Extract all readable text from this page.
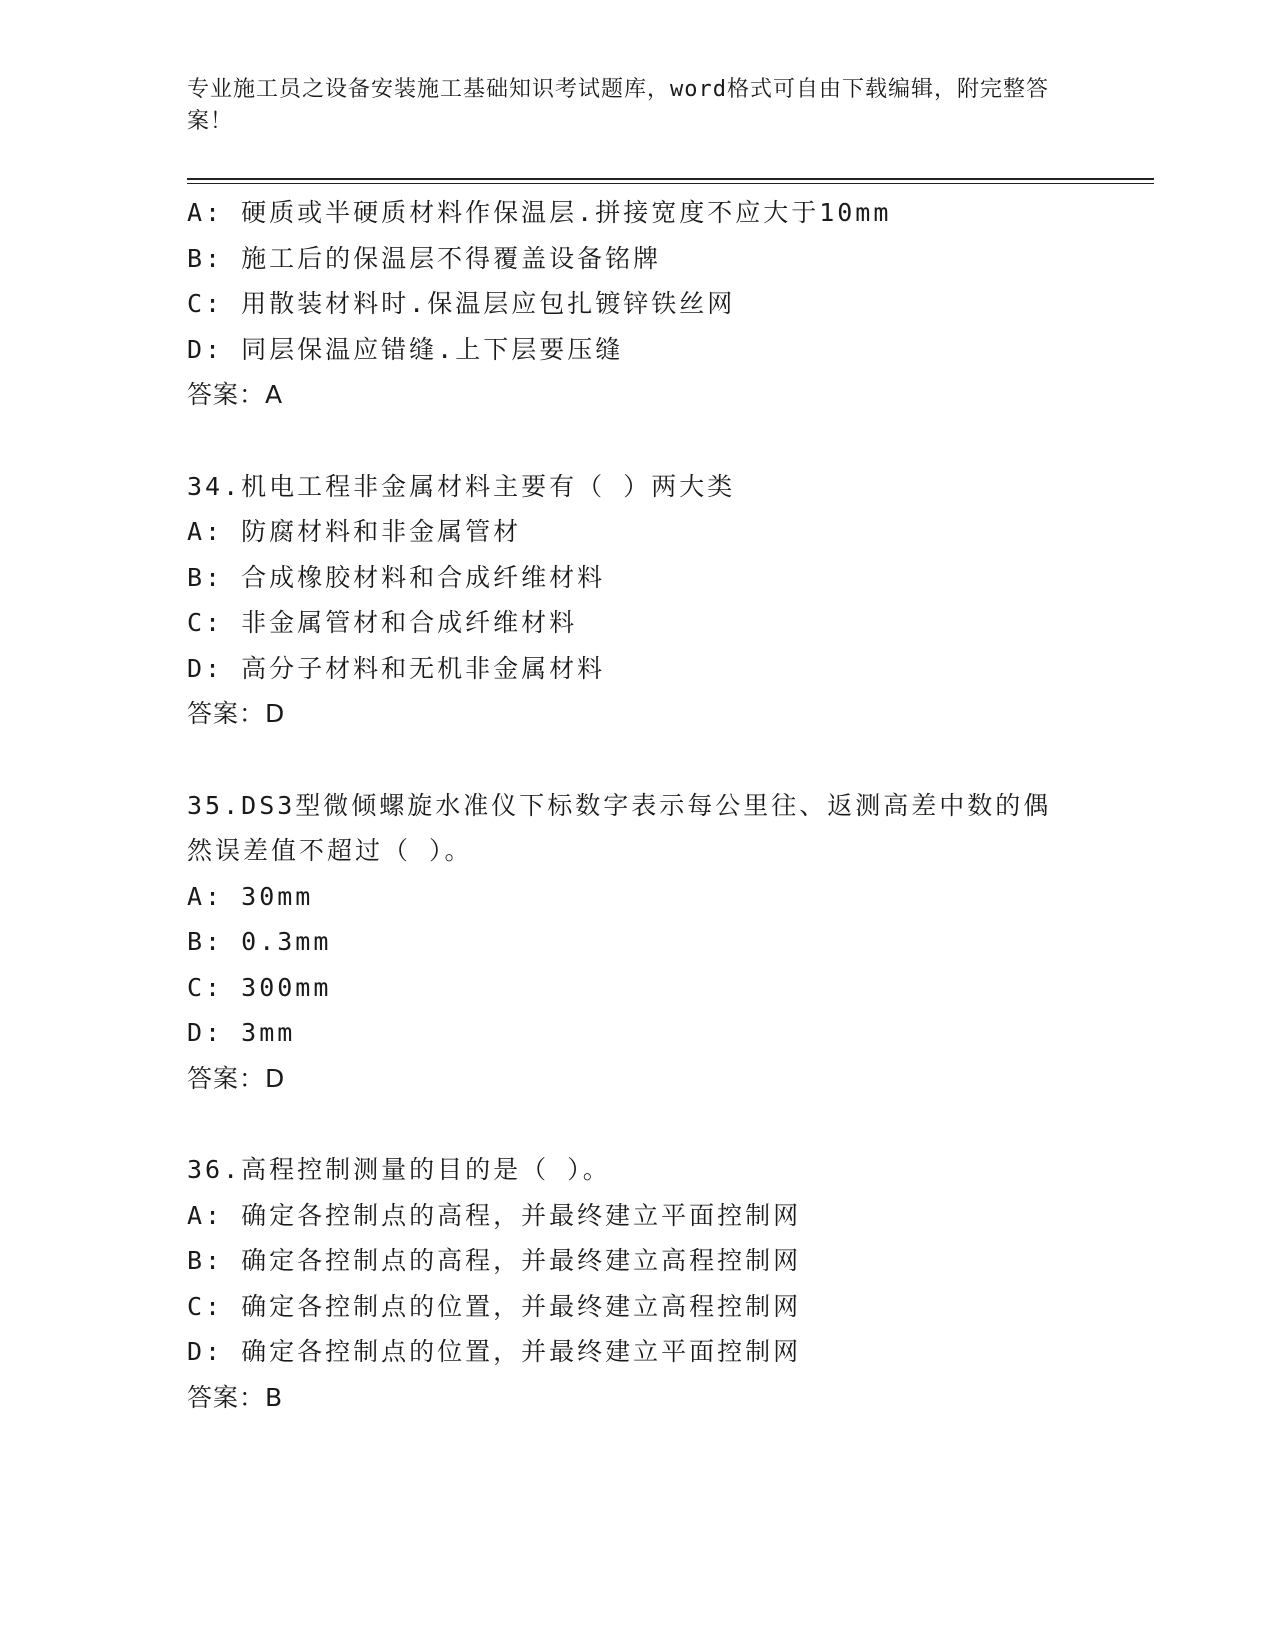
专业施工员之设备安装施工基础知识考试题库，word格式可自由下载编辑，附完整答案！
A: 硬质或半硬质材料作保温层.拼接宽度不应大于10mm
B: 施工后的保温层不得覆盖设备铭牌
C: 用散装材料时.保温层应包扎镀锌铁丝网
D: 同层保温应错缝.上下层要压缝
答案：A
34.机电工程非金属材料主要有（ ）两大类
A: 防腐材料和非金属管材
B: 合成橡胶材料和合成纤维材料
C: 非金属管材和合成纤维材料
D: 高分子材料和无机非金属材料
答案：D
35.DS3型微倾螺旋水准仪下标数字表示每公里往、返测高差中数的偶然误差值不超过（ ）。
A: 30mm
B: 0.3mm
C: 300mm
D: 3mm
答案：D
36.高程控制测量的目的是（ ）。
A: 确定各控制点的高程，并最终建立平面控制网
B: 确定各控制点的高程，并最终建立高程控制网
C: 确定各控制点的位置，并最终建立高程控制网
D: 确定各控制点的位置，并最终建立平面控制网
答案：B
